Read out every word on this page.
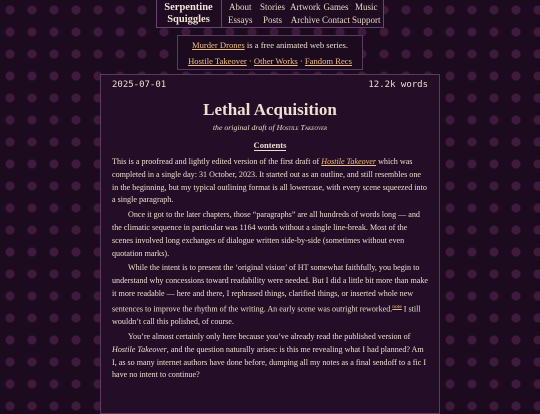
Serpentine
Squiggles
About
Essays
Stories
Posts
Artwork
Archive
Games
Contact
Music
Support
Murder Drones is a free animated web series.
Hostile Takeover · Other Works · Fandom Recs
2025-07-01	12.2k words
Lethal Acquisition
the original draft of Hostile Takeover
Contents

This is a proofread and lightly edited version of the first draft of Hostile Takeover which was completed in a single day: 31 October, 2023. It started out as an outline, and still resembles one in the beginning, but my typical outlining format is all lowercase, with every scene squeezed into a single paragraph.

Once it got to the later chapters, those “paragraphs” are all hundreds of words long — and the climatic sequence in particular was 1164 words without a single line-break. Most of the scenes involved long exchanges of dialogue written side-by-side (sometimes without even quotation marks).

While the intent is to present the ‘original vision’ of HT somewhat faithfully, you begin to understand why concessions toward readability were needed. But I did a little bit more than make it more readable — here and there, I rephrased things, clarified things, or inserted whole new sentences to improve the rhythm of the writing. An early scene was outright reworked.$^{note}$ I still wouldn’t call this polished, of course.

You’re almost certainly only here because you’ve already read the published version of Hostile Takeover, and the question naturally arises: is this me revealing what I had planned? Am I, as so many internet authors have done before, dumping all my notes as a final sendoff to a fic I have no intent to continue?
